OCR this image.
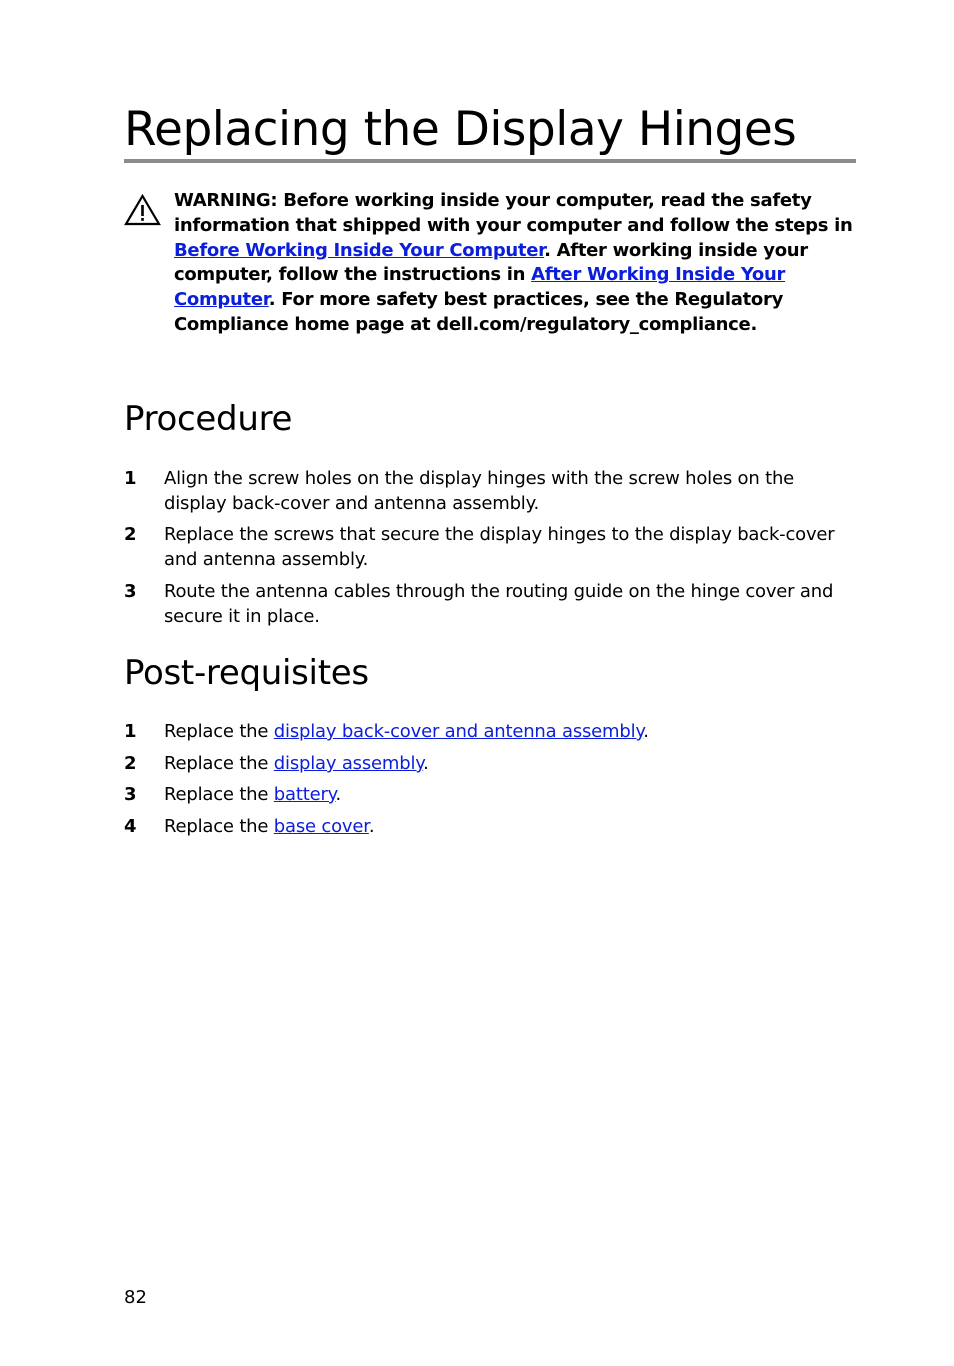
Replacing the Display Hinges

WARNING: Before working inside your computer, read the safety information that shipped with your computer and follow the steps in Before Working Inside Your Computer. After working inside your computer, follow the instructions in After Working Inside Your Computer. For more safety best practices, see the Regulatory Compliance home page at dell.com/regulatory_compliance.

Procedure
1 Align the screw holes on the display hinges with the screw holes on the display back-cover and antenna assembly.

2 Replace the screws that secure the display hinges to the display back-cover and antenna assembly.

3 Route the antenna cables through the routing guide on the hinge cover and secure it in place.

Post-requisites
1 Replace the display back-cover and antenna assembly.

2 Replace the display assembly.

3 Replace the battery.

4 Replace the base cover.

82
